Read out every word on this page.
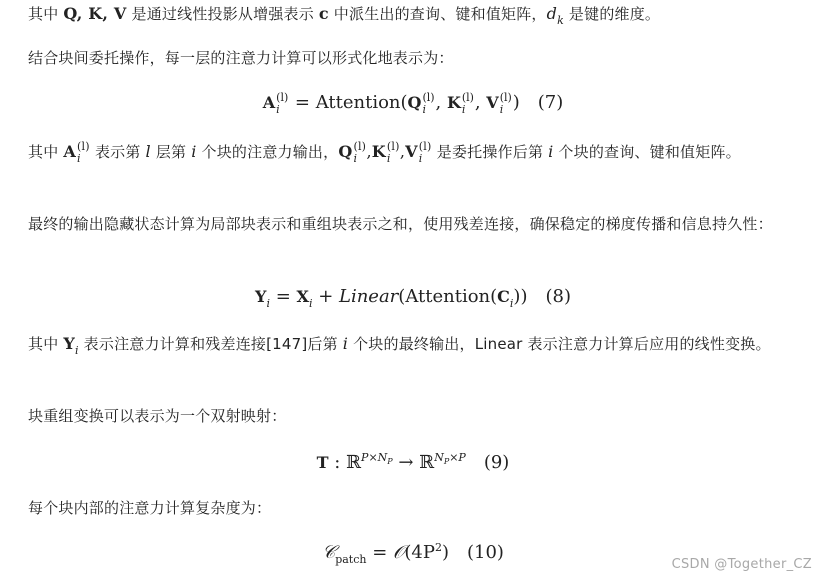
其中 Q, K, V 是通过线性投影从增强表示 c 中派生出的查询、键和值矩阵，$d_k$ 是键的维度。
结合块间委托操作，每一层的注意力计算可以形式化地表示为：
A (l)
i = Attention(Q (l)
i , K (l)
i , V (l)
i ) (7)
其中 A (l)
i 表示第 l 层第 i 个块的注意力输出，Q (l)
i ,K (l)
i ,V (l)
i 是委托操作后第 i 个块的查询、键和值矩阵。
最终的输出隐藏状态计算为局部块表示和重组块表示之和，使用残差连接，确保稳定的梯度传播和信息持久性：
$Y_i = X_i$ + $Linear(Attention(C_i))$ (8)
其中 $Y_i$ 表示注意力计算和残差连接[147]后第 i 个块的最终输出，Linear 表示注意力计算后应用的线性变换。
块重组变换可以表示为一个双射映射：
T : ℝ$^{P\times N_P}$ → ℝ$^{N_P\times P}$ (9)
每个块内部的注意力计算复杂度为：
𝒞$_{patch}$ = $𝒪(4P^2)$ (10)
CSDN @Together_CZ
